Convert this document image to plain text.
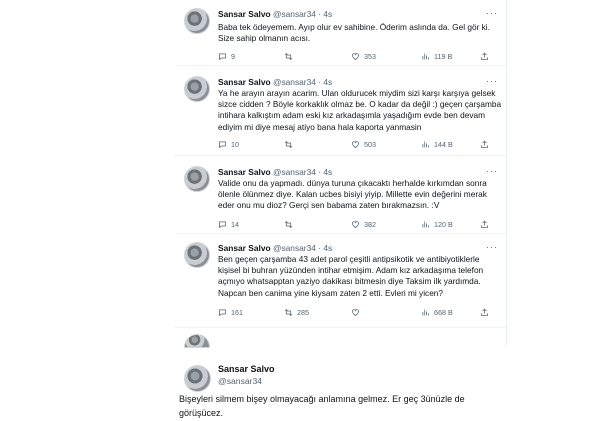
Sansar Salvo @sansar34 · 4s	···
Baba tek ödeyemem. Ayıp olur ev sahibine. Öderim aslında da. Gel gör ki. Size sahip olmanın acısı.
9	353	119 B
Sansar Salvo @sansar34 · 4s	···
Ya he arayın arayın acarim. Ulan oldurucek miydim sizi karşı karşıya gelsek sizce cidden ? Böyle korkaklık olmaz be. O kadar da değil :) geçen çarşamba intihara kalkıştım adam eski kız arkadaşımla yaşadığım evde ben devam ediyim mi diye mesaj atiyo bana hala kaporta yanmasin
10	503	144 B
Sansar Salvo @sansar34 · 4s	···
Valide onu da yapmadı. dünya turuna çıkacaktı herhalde kırkımdan sonra ölenle ölünmez diye. Kalan ucbes bisiyi yiyip. Millette evin değerini merak eder onu mu dioz? Gerçi sen babama zaten bırakmazsın. :V
14	382	120 B
Sansar Salvo @sansar34 · 4s	···
Ben geçen çarşamba 43 adet parol çeşitli antipsikotik ve antibiyotiklerle kişisel bi buhran yüzünden intihar etmişim. Adam kız arkadaşıma telefon açmıyo whatsapptan yaziyo dakikası bitmesin diye Taksim ilk yardımda. Napcan ben canima yine kiysam zaten 2 etti. Evleri mi yicen?
161	285	668 B
Sansar Salvo
@sansar34
Bişeyleri silmem bişey olmayacağı anlamına gelmez. Er geç 3ünüzle de görüşücez.
